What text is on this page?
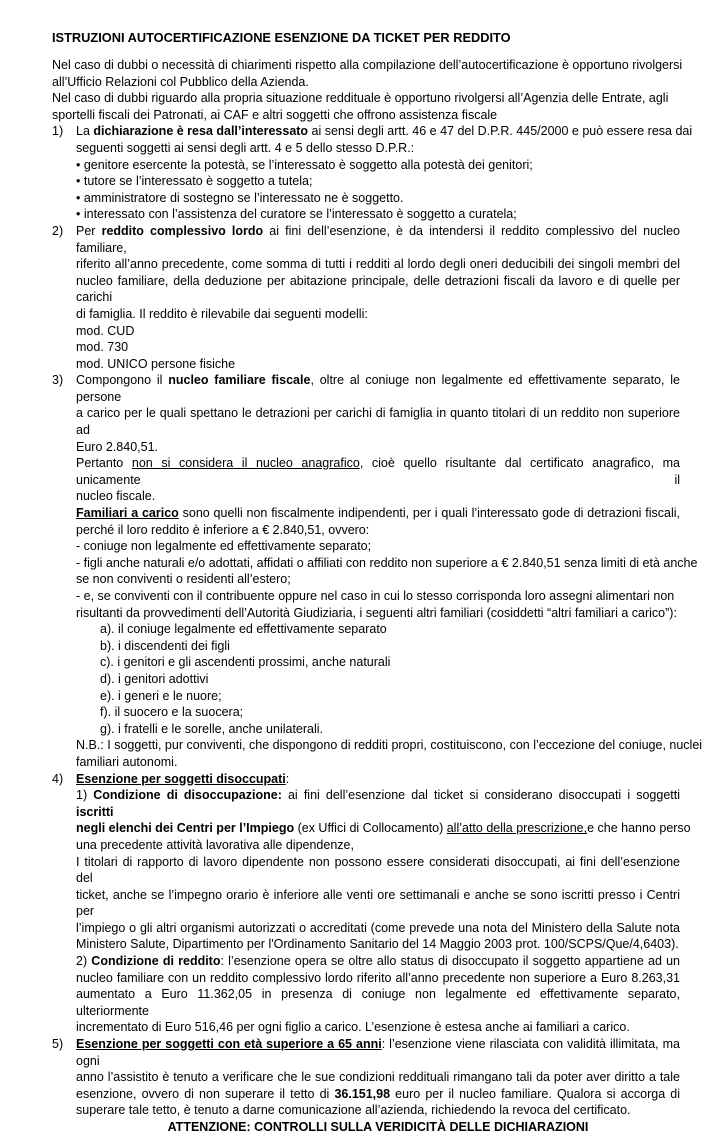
ISTRUZIONI AUTOCERTIFICAZIONE ESENZIONE DA TICKET PER REDDITO
Nel caso di dubbi o necessità di chiarimenti rispetto alla compilazione dell’autocertificazione è opportuno rivolgersi
all’Ufficio Relazioni col Pubblico della Azienda.
Nel caso di dubbi riguardo alla propria situazione reddituale è opportuno rivolgersi all’Agenzia delle Entrate, agli
sportelli fiscali dei Patronati, ai CAF e altri soggetti che offrono assistenza fiscale
1)	La dichiarazione è resa dall’interessato ai sensi degli artt. 46 e 47 del D.P.R. 445/2000 e può essere resa dai
seguenti soggetti ai sensi degli artt. 4 e 5 dello stesso D.P.R.:
• genitore esercente la potestà, se l’interessato è soggetto alla potestà dei genitori;
• tutore se l’interessato è soggetto a tutela;
• amministratore di sostegno se l’interessato ne è soggetto.
• interessato con l’assistenza del curatore se l’interessato è soggetto a curatela;
2)	Per reddito complessivo lordo ai fini dell’esenzione, è da intendersi il reddito complessivo del nucleo familiare,
riferito all’anno precedente, come somma di tutti i redditi al lordo degli oneri deducibili dei singoli membri del
nucleo familiare, della deduzione per abitazione principale, delle detrazioni fiscali da lavoro e di quelle per carichi
di famiglia. Il reddito è rilevabile dai seguenti modelli:
mod. CUD
mod. 730
mod. UNICO persone fisiche
3)	Compongono il nucleo familiare fiscale, oltre al coniuge non legalmente ed effettivamente separato, le persone
a carico per le quali spettano le detrazioni per carichi di famiglia in quanto titolari di un reddito non superiore ad
Euro 2.840,51.
Pertanto non si considera il nucleo anagrafico, cioè quello risultante dal certificato anagrafico, ma unicamente il
nucleo fiscale.
Familiari a carico sono quelli non fiscalmente indipendenti, per i quali l’interessato gode di detrazioni fiscali,
perché il loro reddito è inferiore a € 2.840,51, ovvero:
- coniuge non legalmente ed effettivamente separato;
- figli anche naturali e/o adottati, affidati o affiliati con reddito non superiore a € 2.840,51 senza limiti di età anche
se non conviventi o residenti all’estero;
- e, se conviventi con il contribuente oppure nel caso in cui lo stesso corrisponda loro assegni alimentari non
risultanti da provvedimenti dell’Autorità Giudiziaria, i seguenti altri familiari (cosiddetti “altri familiari a carico”):
a). il coniuge legalmente ed effettivamente separato
b). i discendenti dei figli
c). i genitori e gli ascendenti prossimi, anche naturali
d). i genitori adottivi
e). i generi e le nuore;
f). il suocero e la suocera;
g). i fratelli e le sorelle, anche unilaterali.
N.B.: I soggetti, pur conviventi, che dispongono di redditi propri, costituiscono, con l’eccezione del coniuge, nuclei
familiari autonomi.
4)	Esenzione per soggetti disoccupati:
1) Condizione di disoccupazione: ai fini dell’esenzione dal ticket si considerano disoccupati i soggetti iscritti
negli elenchi dei Centri per l’Impiego (ex Uffici di Collocamento) all’atto della prescrizione,e che hanno perso
una precedente attività lavorativa alle dipendenze,
I titolari di rapporto di lavoro dipendente non possono essere considerati disoccupati, ai fini dell’esenzione del
ticket, anche se l’impegno orario è inferiore alle venti ore settimanali e anche se sono iscritti presso i Centri per
l’impiego o gli altri organismi autorizzati o accreditati (come prevede una nota del Ministero della Salute nota
Ministero Salute, Dipartimento per l'Ordinamento Sanitario del 14 Maggio 2003 prot. 100/SCPS/Que/4,6403).
2) Condizione di reddito: l’esenzione opera se oltre allo status di disoccupato il soggetto appartiene ad un
nucleo familiare con un reddito complessivo lordo riferito all’anno precedente non superiore a Euro 8.263,31
aumentato a Euro 11.362,05 in presenza di coniuge non legalmente ed effettivamente separato, ulteriormente
incrementato di Euro 516,46 per ogni figlio a carico. L’esenzione è estesa anche ai familiari a carico.
5)	Esenzione per soggetti con età superiore a 65 anni: l’esenzione viene rilasciata con validità illimitata, ma ogni
anno l’assistito è tenuto a verificare che le sue condizioni reddituali rimangano tali da poter aver diritto a tale
esenzione, ovvero di non superare il tetto di 36.151,98 euro per il nucleo familiare. Qualora si accorga di
superare tale tetto, è tenuto a darne comunicazione all’azienda, richiedendo la revoca del certificato.
ATTENZIONE: CONTROLLI SULLA VERIDICITÀ DELLE DICHIARAZIONI
